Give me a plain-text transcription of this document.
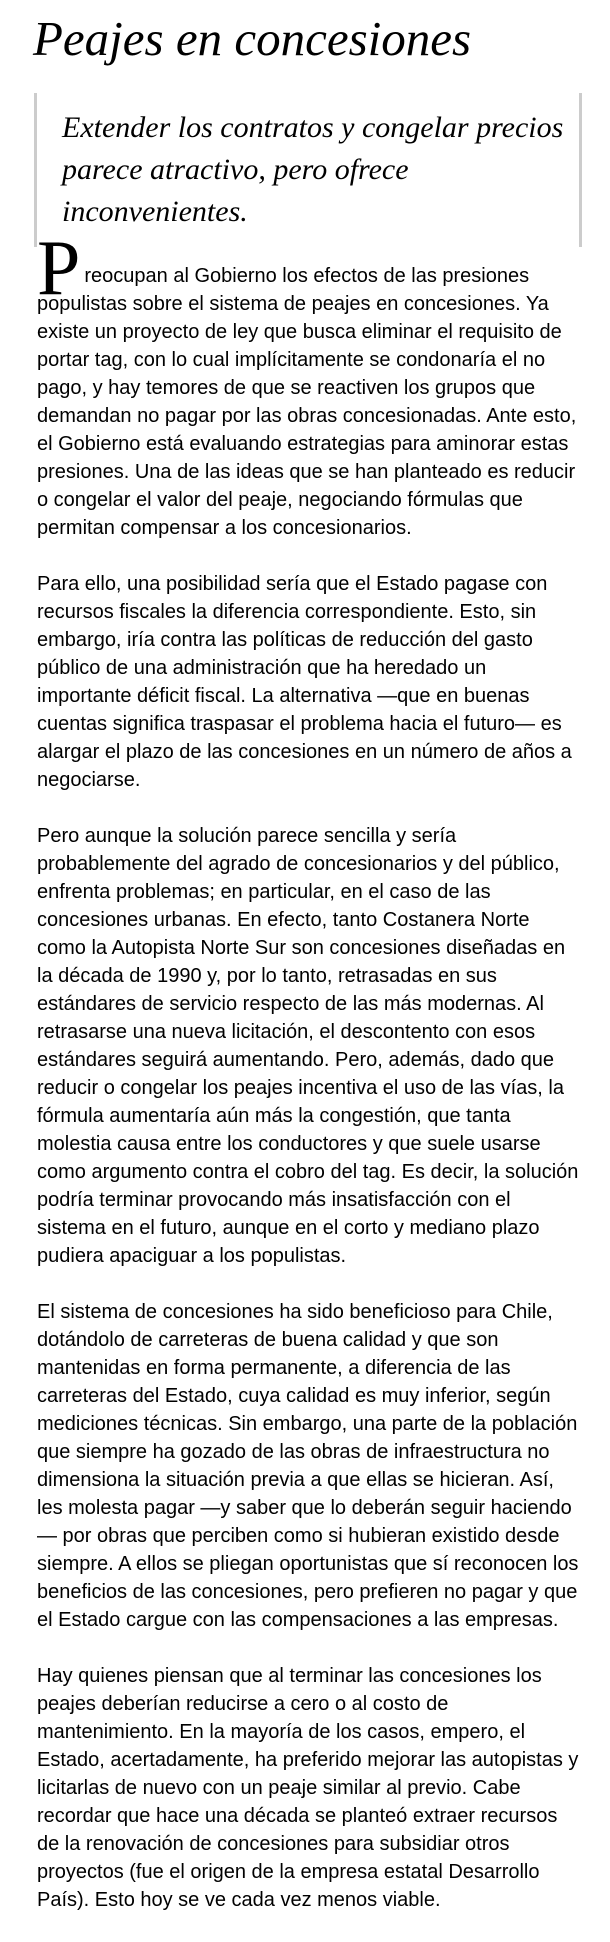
Peajes en concesiones

Extender los contratos y congelar precios parece atractivo, pero ofrece inconvenientes.

Preocupan al Gobierno los efectos de las presiones populistas sobre el sistema de peajes en concesiones. Ya existe un proyecto de ley que busca eliminar el requisito de portar tag, con lo cual implícitamente se condonaría el no pago, y hay temores de que se reactiven los grupos que demandan no pagar por las obras concesionadas. Ante esto, el Gobierno está evaluando estrategias para aminorar estas presiones. Una de las ideas que se han planteado es reducir o congelar el valor del peaje, negociando fórmulas que permitan compensar a los concesionarios.

Para ello, una posibilidad sería que el Estado pagase con recursos fiscales la diferencia correspondiente. Esto, sin embargo, iría contra las políticas de reducción del gasto público de una administración que ha heredado un importante déficit fiscal. La alternativa —que en buenas cuentas significa traspasar el problema hacia el futuro— es alargar el plazo de las concesiones en un número de años a negociarse.

Pero aunque la solución parece sencilla y sería probablemente del agrado de concesionarios y del público, enfrenta problemas; en particular, en el caso de las concesiones urbanas. En efecto, tanto Costanera Norte como la Autopista Norte Sur son concesiones diseñadas en la década de 1990 y, por lo tanto, retrasadas en sus estándares de servicio respecto de las más modernas. Al retrasarse una nueva licitación, el descontento con esos estándares seguirá aumentando. Pero, además, dado que reducir o congelar los peajes incentiva el uso de las vías, la fórmula aumentaría aún más la congestión, que tanta molestia causa entre los conductores y que suele usarse como argumento contra el cobro del tag. Es decir, la solución podría terminar provocando más insatisfacción con el sistema en el futuro, aunque en el corto y mediano plazo pudiera apaciguar a los populistas.

El sistema de concesiones ha sido beneficioso para Chile, dotándolo de carreteras de buena calidad y que son mantenidas en forma permanente, a diferencia de las carreteras del Estado, cuya calidad es muy inferior, según mediciones técnicas. Sin embargo, una parte de la población que siempre ha gozado de las obras de infraestructura no dimensiona la situación previa a que ellas se hicieran. Así, les molesta pagar —y saber que lo deberán seguir haciendo— por obras que perciben como si hubieran existido desde siempre. A ellos se pliegan oportunistas que sí reconocen los beneficios de las concesiones, pero prefieren no pagar y que el Estado cargue con las compensaciones a las empresas.

Hay quienes piensan que al terminar las concesiones los peajes deberían reducirse a cero o al costo de mantenimiento. En la mayoría de los casos, empero, el Estado, acertadamente, ha preferido mejorar las autopistas y licitarlas de nuevo con un peaje similar al previo. Cabe recordar que hace una década se planteó extraer recursos de la renovación de concesiones para subsidiar otros proyectos (fue el origen de la empresa estatal Desarrollo País). Esto hoy se ve cada vez menos viable.
